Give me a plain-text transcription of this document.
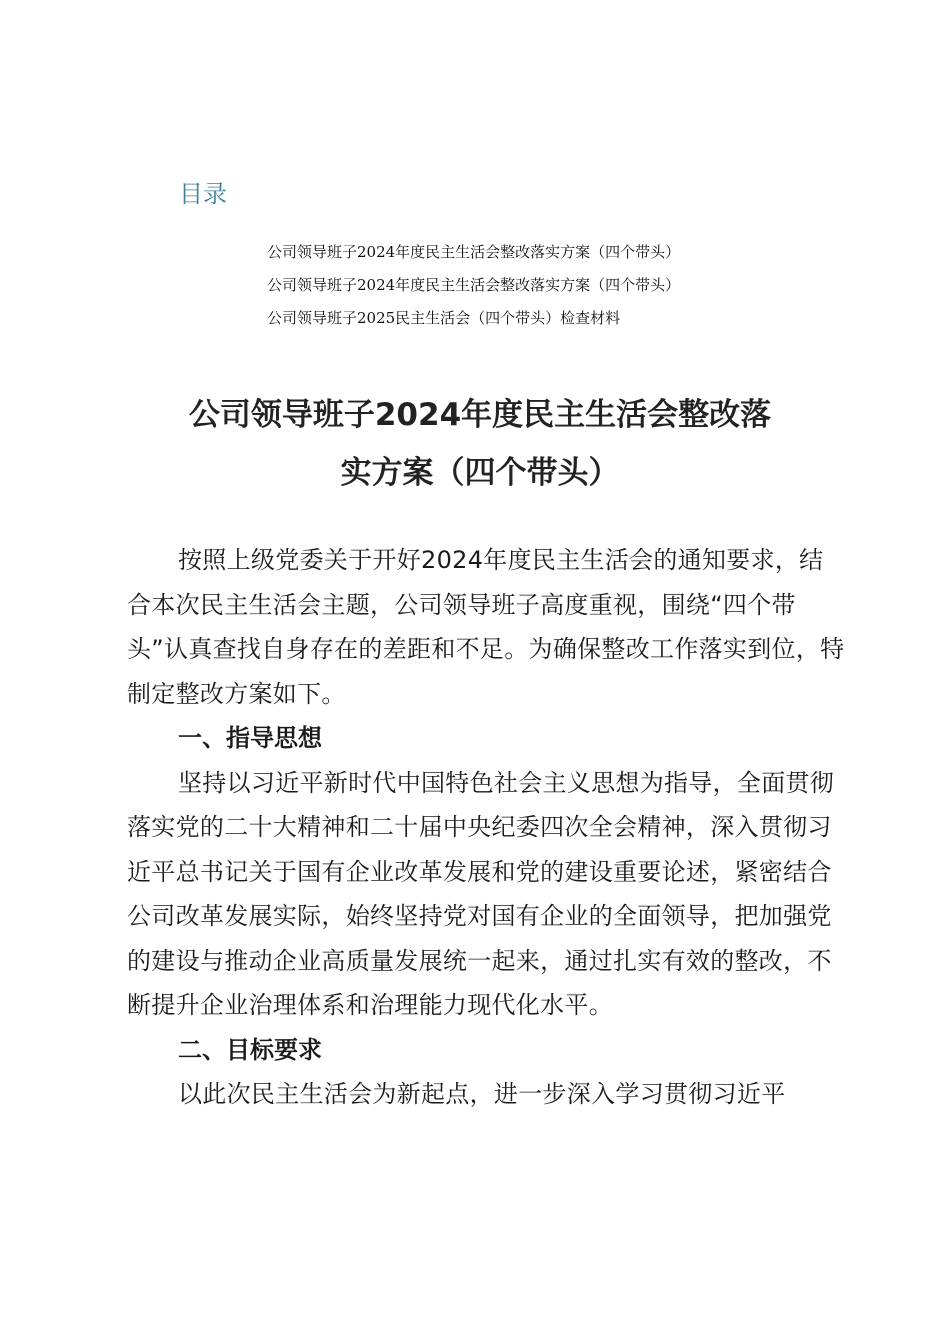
目录
公司领导班子2024年度民主生活会整改落实方案（四个带头）
公司领导班子2024年度民主生活会整改落实方案（四个带头）
公司领导班子2025民主生活会（四个带头）检查材料
公司领导班子2024年度民主生活会整改落
实方案（四个带头）

按照上级党委关于开好2024年度民主生活会的通知要求，结合本次民主生活会主题，公司领导班子高度重视，围绕“四个带头”认真查找自身存在的差距和不足。为确保整改工作落实到位，特制定整改方案如下。

一、指导思想

坚持以习近平新时代中国特色社会主义思想为指导，全面贯彻落实党的二十大精神和二十届中央纪委四次全会精神，深入贯彻习近平总书记关于国有企业改革发展和党的建设重要论述，紧密结合公司改革发展实际，始终坚持党对国有企业的全面领导，把加强党的建设与推动企业高质量发展统一起来，通过扎实有效的整改，不断提升企业治理体系和治理能力现代化水平。

二、目标要求

以此次民主生活会为新起点，进一步深入学习贯彻习近平
